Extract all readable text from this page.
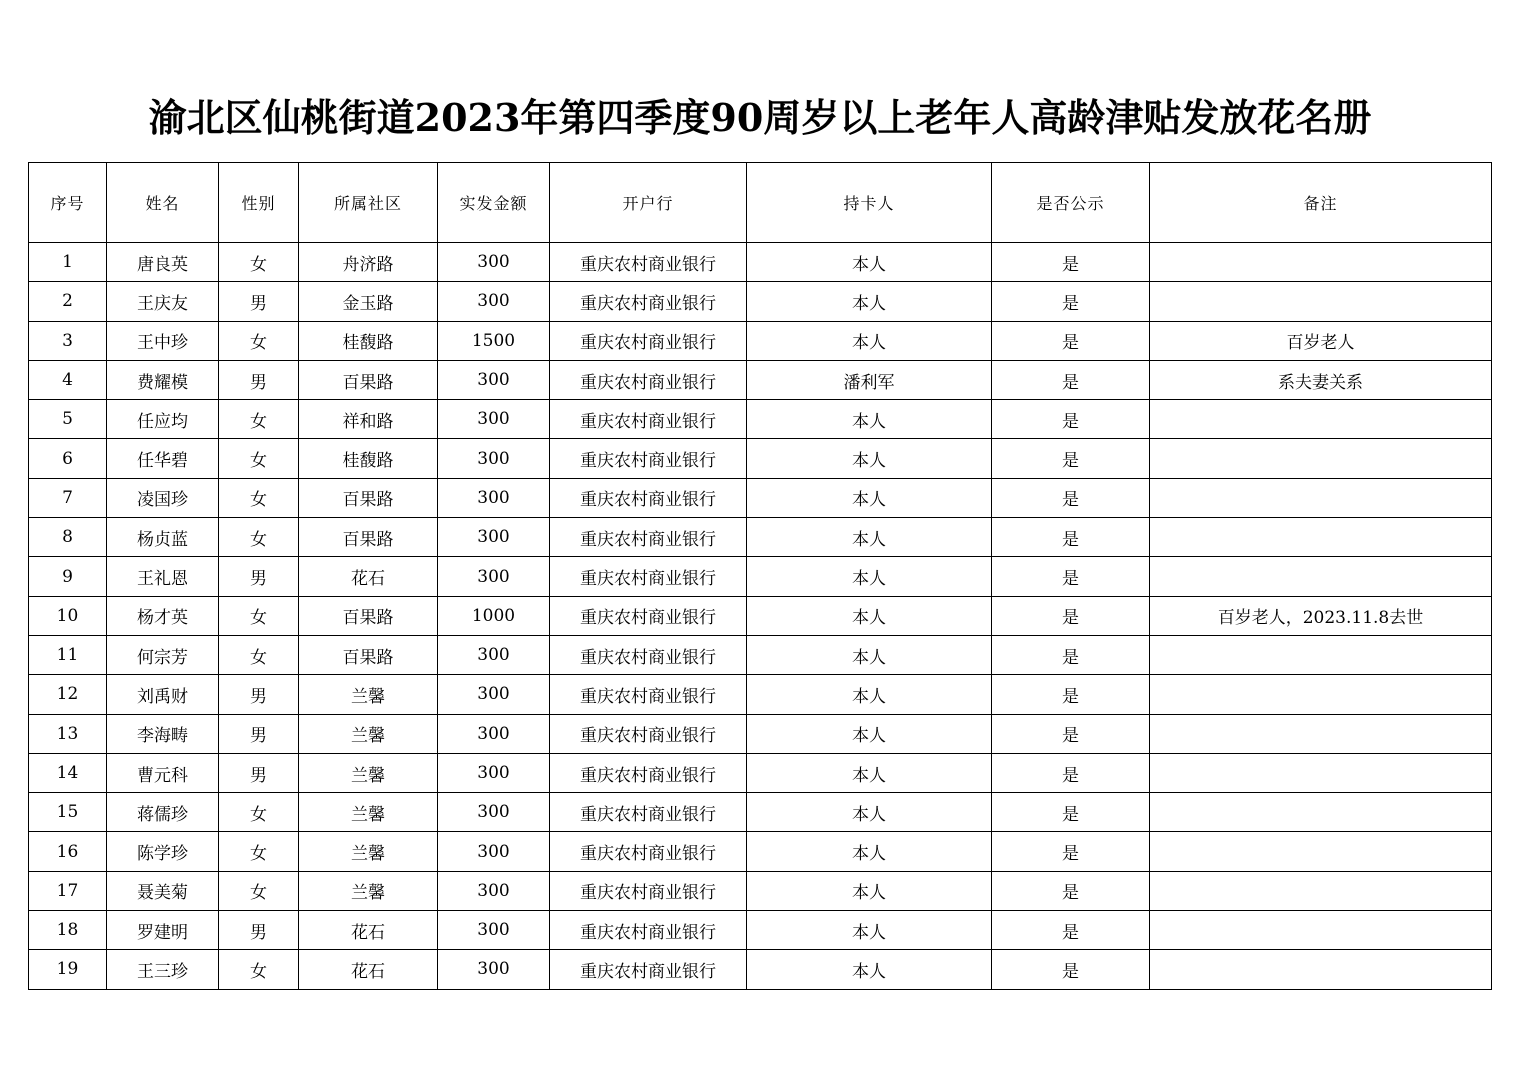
渝北区仙桃街道2023年第四季度90周岁以上老年人高龄津贴发放花名册
序号	姓名	性别	所属社区	实发金额	开户行	持卡人	是否公示	备注
1	唐良英	女	舟济路	300	重庆农村商业银行	本人	是	
2	王庆友	男	金玉路	300	重庆农村商业银行	本人	是	
3	王中珍	女	桂馥路	1500	重庆农村商业银行	本人	是	百岁老人
4	费耀模	男	百果路	300	重庆农村商业银行	潘利军	是	系夫妻关系
5	任应均	女	祥和路	300	重庆农村商业银行	本人	是	
6	任华碧	女	桂馥路	300	重庆农村商业银行	本人	是	
7	凌国珍	女	百果路	300	重庆农村商业银行	本人	是	
8	杨贞蓝	女	百果路	300	重庆农村商业银行	本人	是	
9	王礼恩	男	花石	300	重庆农村商业银行	本人	是	
10	杨才英	女	百果路	1000	重庆农村商业银行	本人	是	百岁老人，2023.11.8去世
11	何宗芳	女	百果路	300	重庆农村商业银行	本人	是	
12	刘禹财	男	兰馨	300	重庆农村商业银行	本人	是	
13	李海畴	男	兰馨	300	重庆农村商业银行	本人	是	
14	曹元科	男	兰馨	300	重庆农村商业银行	本人	是	
15	蒋儒珍	女	兰馨	300	重庆农村商业银行	本人	是	
16	陈学珍	女	兰馨	300	重庆农村商业银行	本人	是	
17	聂美菊	女	兰馨	300	重庆农村商业银行	本人	是	
18	罗建明	男	花石	300	重庆农村商业银行	本人	是	
19	王三珍	女	花石	300	重庆农村商业银行	本人	是	
